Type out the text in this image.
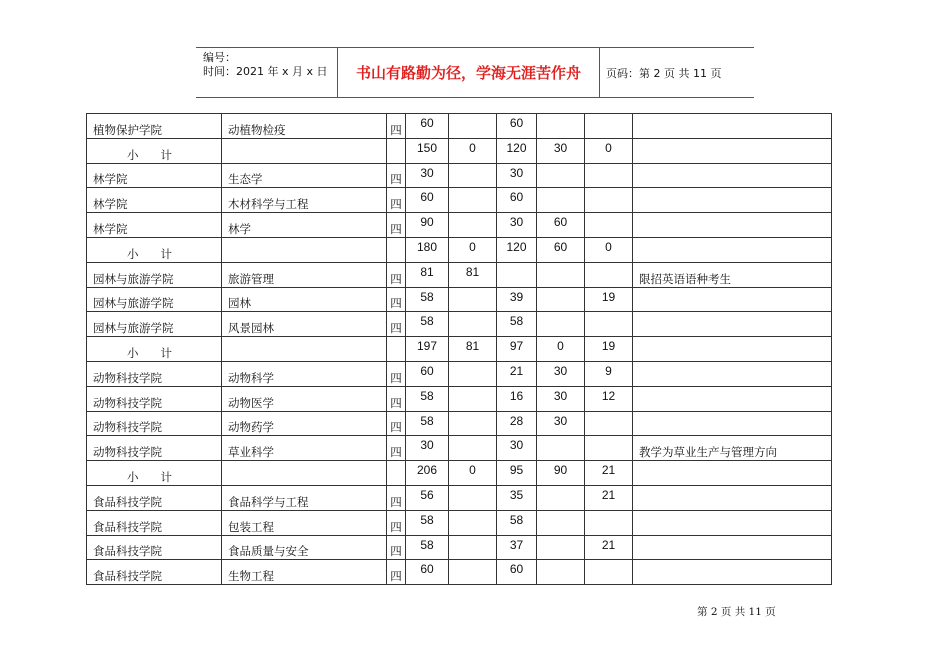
编号：
时间：2021 年 x 月 x 日	书山有路勤为径，学海无涯苦作舟	页码：第 2 页 共 11 页
植物保护学院	动植物检疫	四	60		60			
小 计			150	0	120	30	0	
林学院	生态学	四	30		30			
林学院	木材科学与工程	四	60		60			
林学院	林学	四	90		30	60		
小 计			180	0	120	60	0	
园林与旅游学院	旅游管理	四	81	81				限招英语语种考生
园林与旅游学院	园林	四	58		39		19	
园林与旅游学院	风景园林	四	58		58			
小 计			197	81	97	0	19	
动物科技学院	动物科学	四	60		21	30	9	
动物科技学院	动物医学	四	58		16	30	12	
动物科技学院	动物药学	四	58		28	30		
动物科技学院	草业科学	四	30		30			教学为草业生产与管理方向
小 计			206	0	95	90	21	
食品科技学院	食品科学与工程	四	56		35		21	
食品科技学院	包装工程	四	58		58			
食品科技学院	食品质量与安全	四	58		37		21	
食品科技学院	生物工程	四	60		60			
第 2 页 共 11 页
